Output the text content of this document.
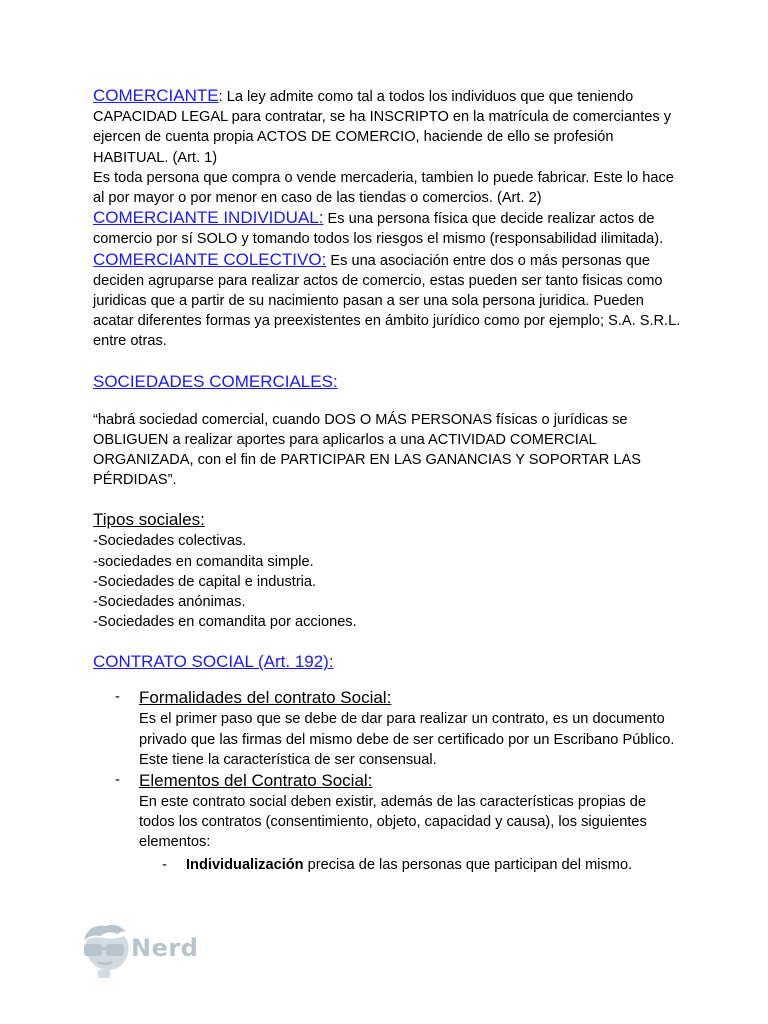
COMERCIANTE: La ley admite como tal a todos los individuos que que teniendo CAPACIDAD LEGAL para contratar, se ha INSCRIPTO en la matrícula de comerciantes y ejercen de cuenta propia ACTOS DE COMERCIO, haciende de ello se profesión HABITUAL. (Art. 1)

Es toda persona que compra o vende mercaderia, tambien lo puede fabricar. Este lo hace al por mayor o por menor en caso de las tiendas o comercios. (Art. 2)

COMERCIANTE INDIVIDUAL: Es una persona física que decide realizar actos de comercio por sí SOLO y tomando todos los riesgos el mismo (responsabilidad ilimitada).

COMERCIANTE COLECTIVO: Es una asociación entre dos o más personas que deciden agruparse para realizar actos de comercio, estas pueden ser tanto fisicas como juridicas que a partir de su nacimiento pasan a ser una sola persona juridica. Pueden acatar diferentes formas ya preexistentes en ámbito jurídico como por ejemplo; S.A. S.R.L. entre otras.

SOCIEDADES COMERCIALES:

“habrá sociedad comercial, cuando DOS O MÁS PERSONAS físicas o jurídicas se OBLIGUEN a realizar aportes para aplicarlos a una ACTIVIDAD COMERCIAL ORGANIZADA, con el fin de PARTICIPAR EN LAS GANANCIAS Y SOPORTAR LAS PÉRDIDAS”.

Tipos sociales:

-Sociedades colectivas.

-sociedades en comandita simple.

-Sociedades de capital e industria.

-Sociedades anónimas.

-Sociedades en comandita por acciones.

CONTRATO SOCIAL (Art. 192):

- Formalidades del contrato Social:

Es el primer paso que se debe de dar para realizar un contrato, es un documento privado que las firmas del mismo debe de ser certificado por un Escribano Público. Este tiene la característica de ser consensual.

- Elementos del Contrato Social:

En este contrato social deben existir, además de las características propias de todos los contratos (consentimiento, objeto, capacidad y causa), los siguientes elementos:

- Individualización precisa de las personas que participan del mismo.

Nerd
